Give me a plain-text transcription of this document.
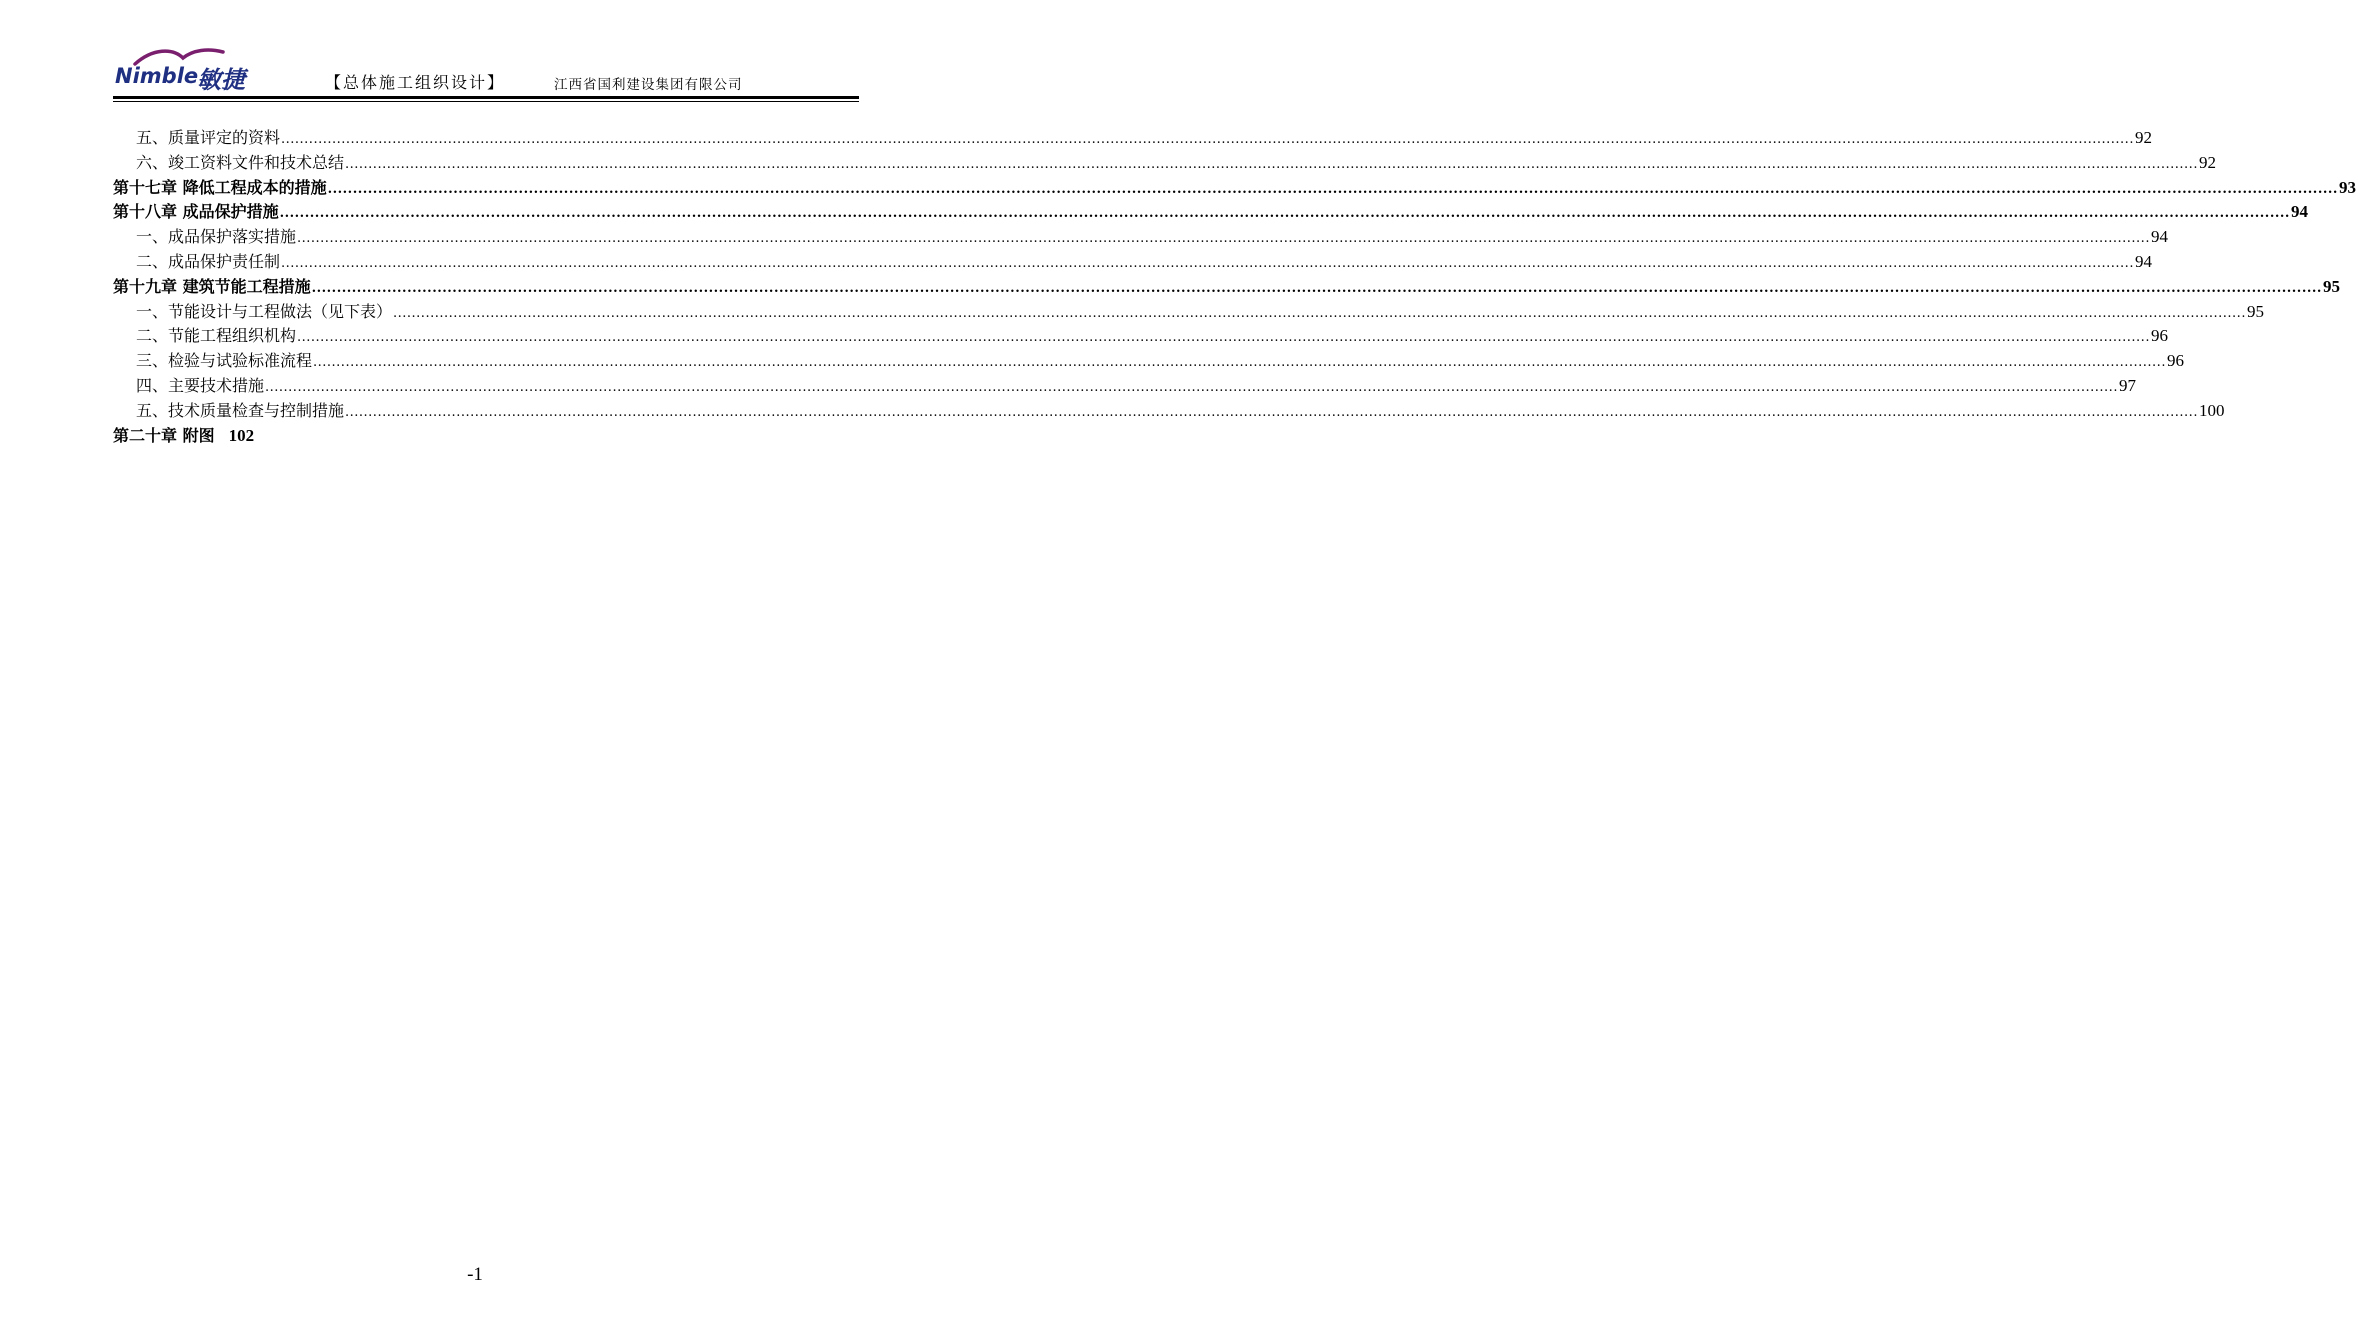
Nimble
敏捷	【总体施工组织设计】	江西省国利建设集团有限公司
五、质量评定的资料 ................................................................................................................................................................................................................................................................................................................................................................................................................ 92
六、竣工资料文件和技术总结 ................................................................................................................................................................................................................................................................................................................................................................................................................ 92
第十七章 降低工程成本的措施 ................................................................................................................................................................................................................................................................................................................................................................................................................ 93
第十八章 成品保护措施 ................................................................................................................................................................................................................................................................................................................................................................................................................ 94
一、成品保护落实措施 ................................................................................................................................................................................................................................................................................................................................................................................................................ 94
二、成品保护责任制 ................................................................................................................................................................................................................................................................................................................................................................................................................ 94
第十九章 建筑节能工程措施 ................................................................................................................................................................................................................................................................................................................................................................................................................ 95
一、节能设计与工程做法（见下表） ................................................................................................................................................................................................................................................................................................................................................................................................................ 95
二、节能工程组织机构 ................................................................................................................................................................................................................................................................................................................................................................................................................ 96
三、检验与试验标准流程 ................................................................................................................................................................................................................................................................................................................................................................................................................ 96
四、主要技术措施 ................................................................................................................................................................................................................................................................................................................................................................................................................ 97
五、技术质量检查与控制措施 ................................................................................................................................................................................................................................................................................................................................................................................................................ 100
第二十章 附图 102
-1
